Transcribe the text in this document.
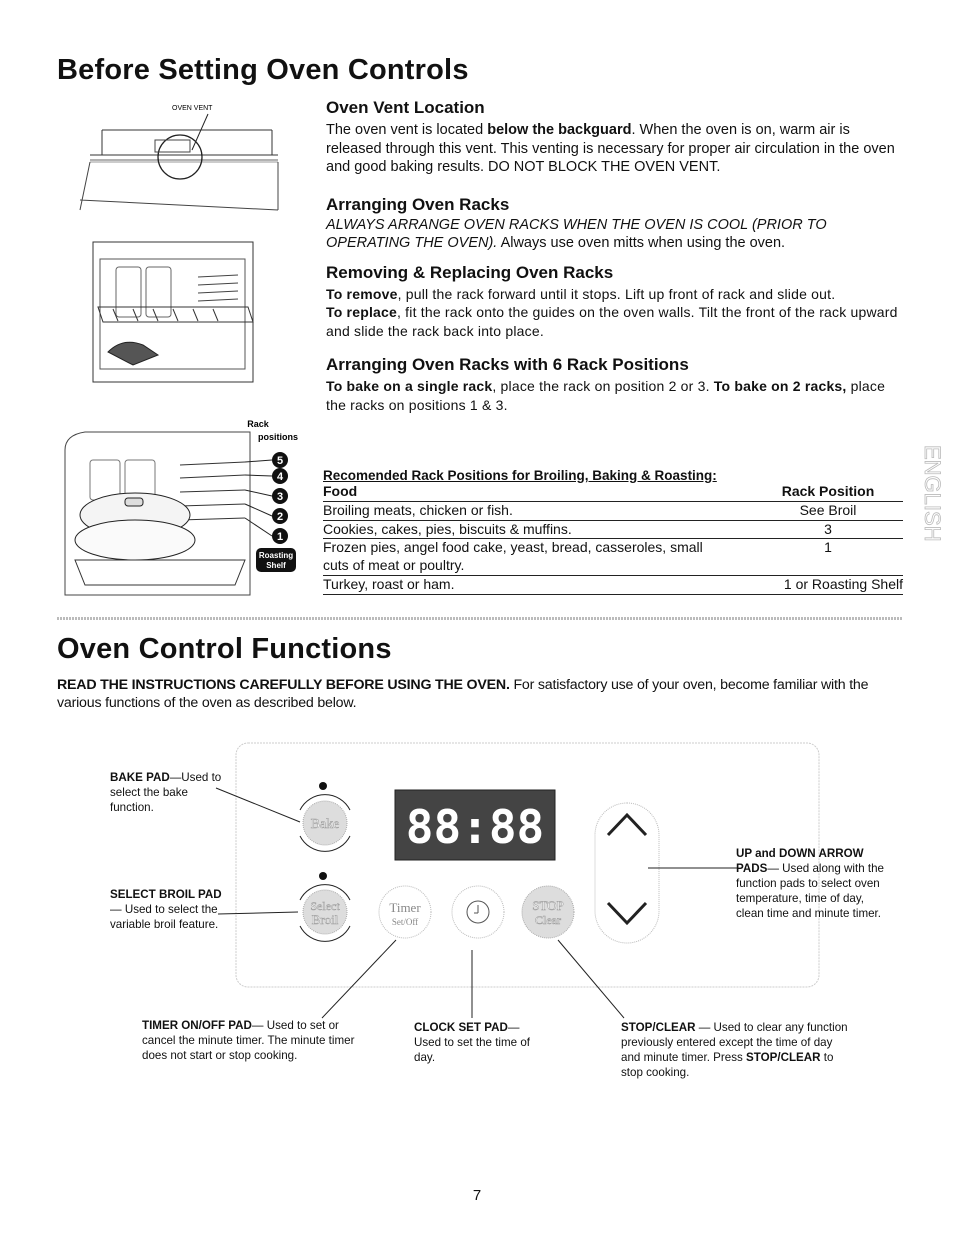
Before Setting Oven Controls
OVEN VENT
Rack
positions
5
4
3
2
1
Roasting
Shelf
Oven Vent Location

The oven vent is located below the backguard. When the oven is on, warm air is released through this vent. This venting is necessary for proper air circulation in the oven and good baking results. DO NOT BLOCK THE OVEN VENT.

Arranging Oven Racks

ALWAYS ARRANGE OVEN RACKS WHEN THE OVEN IS COOL (PRIOR TO OPERATING THE OVEN). Always use oven mitts when using the oven.

Removing & Replacing Oven Racks

To remove, pull the rack forward until it stops. Lift up front of rack and slide out.
To replace, fit the rack onto the guides on the oven walls. Tilt the front of the rack upward and slide the rack back into place.

Arranging Oven Racks with 6 Rack Positions

To bake on a single rack, place the rack on position 2 or 3. To bake on 2 racks, place the racks on positions 1 & 3.

Recomended Rack Positions for Broiling, Baking & Roasting:
Food	Rack Position
Broiling meats, chicken or fish.	See Broil
Cookies, cakes, pies, biscuits & muffins.	3
Frozen pies, angel food cake, yeast, bread, casseroles, small	1
cuts of meat or poultry.
Turkey, roast or ham.	1 or Roasting Shelf
ENGLISH
Oven Control Functions

READ THE INSTRUCTIONS CAREFULLY BEFORE USING THE OVEN. For satisfactory use of your oven, become familiar with the various functions of the oven as described below.

88:88
Bake
Select
Broil
Timer
Set/Off
STOP
Clear

BAKE PAD—Used to select the bake function.

SELECT BROIL PAD— Used to select the variable broil feature.

UP and DOWN ARROW PADS— Used along with the function pads to select oven temperature, time of day, clean time and minute timer.

TIMER ON/OFF PAD— Used to set or cancel the minute timer. The minute timer does not start or stop cooking.

CLOCK SET PAD— Used to set the time of day.

STOP/CLEAR — Used to clear any function previously entered except the time of day and minute timer. Press STOP/CLEAR to stop cooking.

7
